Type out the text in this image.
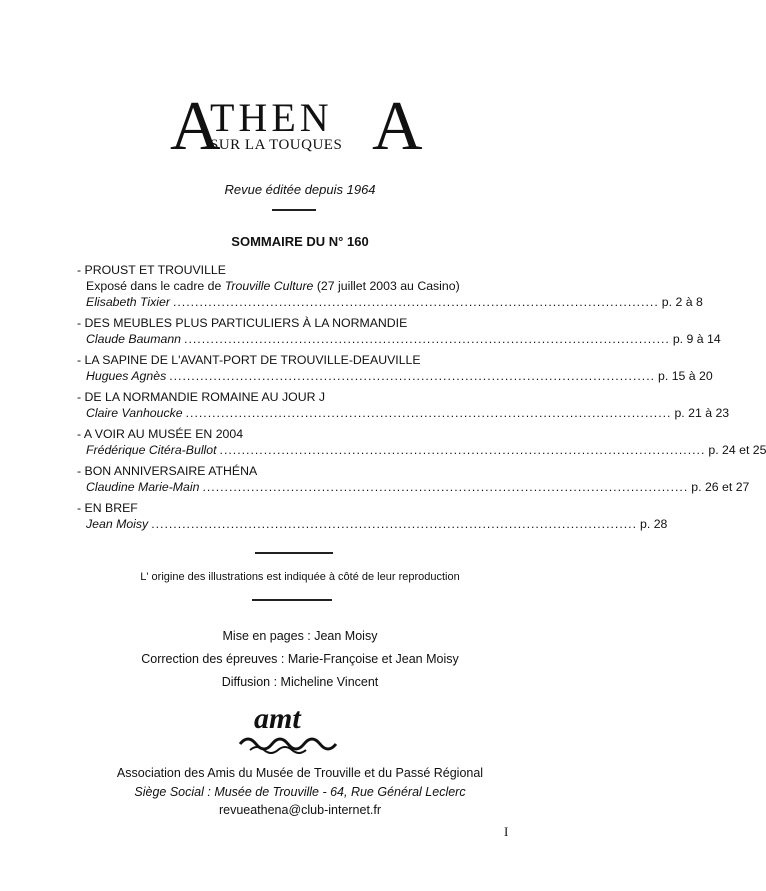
A
THEN
SUR LA TOUQUES A
Revue éditée depuis 1964
SOMMAIRE DU N° 160
- PROUST ET TROUVILLE
Exposé dans le cadre de Trouville Culture (27 juillet 2003 au Casino)
Elisabeth Tixier .............................................................................................................. p. 2 à 8
- DES MEUBLES PLUS PARTICULIERS À LA NORMANDIE
Claude Baumann .............................................................................................................. p. 9 à 14
- LA SAPINE DE L'AVANT-PORT DE TROUVILLE-DEAUVILLE
Hugues Agnès .............................................................................................................. p. 15 à 20
- DE LA NORMANDIE ROMAINE AU JOUR J
Claire Vanhoucke .............................................................................................................. p. 21 à 23
- A VOIR AU MUSÉE EN 2004
Frédérique Citéra-Bullot .............................................................................................................. p. 24 et 25
- BON ANNIVERSAIRE ATHÉNA
Claudine Marie-Main .............................................................................................................. p. 26 et 27
- EN BREF
Jean Moisy .............................................................................................................. p. 28
L' origine des illustrations est indiquée à côté de leur reproduction
Mise en pages : Jean Moisy
Correction des épreuves : Marie-Françoise et Jean Moisy
Diffusion : Micheline Vincent
amt
Association des Amis du Musée de Trouville et du Passé Régional
Siège Social : Musée de Trouville - 64, Rue Général Leclerc
revueathena@club-internet.fr
I
